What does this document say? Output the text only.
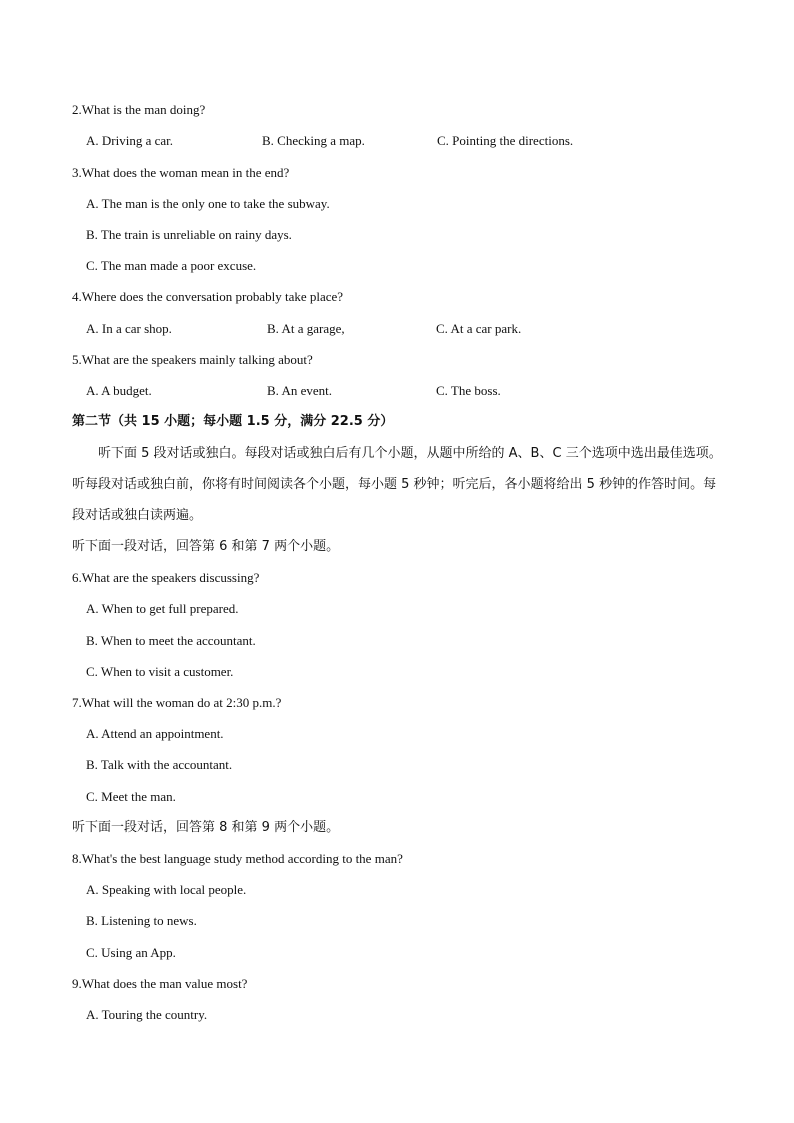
2.What is the man doing?
A. Driving a car.	B. Checking a map.	C. Pointing the directions.
3.What does the woman mean in the end?
A. The man is the only one to take the subway.
B. The train is unreliable on rainy days.
C. The man made a poor excuse.
4.Where does the conversation probably take place?
A. In a car shop.	B. At a garage,	C. At a car park.
5.What are the speakers mainly talking about?
A. A budget.	B. An event.	C. The boss.
第二节（共 15 小题；每小题 1.5 分，满分 22.5 分）
听下面 5 段对话或独白。每段对话或独白后有几个小题，从题中所给的 A、B、C 三个选项中选出最佳选项。听每段对话或独白前，你将有时间阅读各个小题，每小题 5 秒钟；听完后，各小题将给出 5 秒钟的作答时间。每段对话或独白读两遍。
听下面一段对话，回答第 6 和第 7 两个小题。
6.What are the speakers discussing?
A. When to get full prepared.
B. When to meet the accountant.
C. When to visit a customer.
7.What will the woman do at 2:30 p.m.?
A. Attend an appointment.
B. Talk with the accountant.
C. Meet the man.
听下面一段对话，回答第 8 和第 9 两个小题。
8.What's the best language study method according to the man?
A. Speaking with local people.
B. Listening to news.
C. Using an App.
9.What does the man value most?
A. Touring the country.
